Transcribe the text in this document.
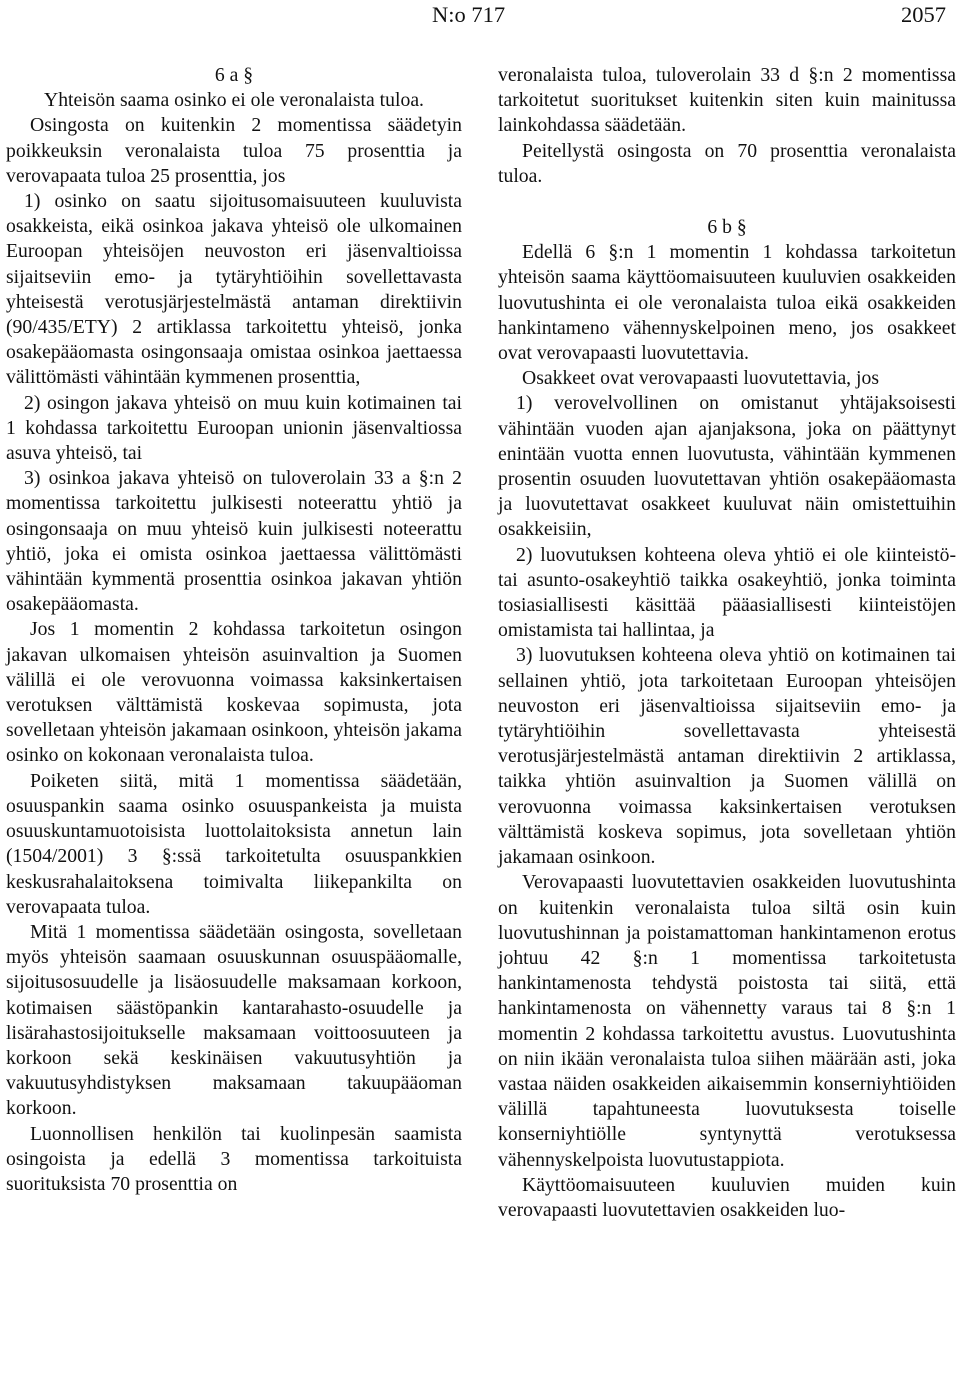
N:o 717	2057

6 a §

Yhteisön saama osinko ei ole veronalaista tuloa.

Osingosta on kuitenkin 2 momentissa säädetyin poikkeuksin veronalaista tuloa 75 prosenttia ja verovapaata tuloa 25 prosenttia, jos

1) osinko on saatu sijoitusomaisuuteen kuuluvista osakkeista, eikä osinkoa jakava yhteisö ole ulkomainen Euroopan yhteisöjen neuvoston eri jäsenvaltioissa sijaitseviin emo- ja tytäryhtiöihin sovellettavasta yhteisestä verotusjärjestelmästä antaman direktiivin (90/435/ETY) 2 artiklassa tarkoitettu yhteisö, jonka osakepääomasta osingonsaaja omistaa osinkoa jaettaessa välittömästi vähintään kymmenen prosenttia,

2) osingon jakava yhteisö on muu kuin kotimainen tai 1 kohdassa tarkoitettu Euroopan unionin jäsenvaltiossa asuva yhteisö, tai

3) osinkoa jakava yhteisö on tuloverolain 33 a §:n 2 momentissa tarkoitettu julkisesti noteerattu yhtiö ja osingonsaaja on muu yhteisö kuin julkisesti noteerattu yhtiö, joka ei omista osinkoa jaettaessa välittömästi vähintään kymmentä prosenttia osinkoa jakavan yhtiön osakepääomasta.

Jos 1 momentin 2 kohdassa tarkoitetun osingon jakavan ulkomaisen yhteisön asuinvaltion ja Suomen välillä ei ole verovuonna voimassa kaksinkertaisen verotuksen välttämistä koskevaa sopimusta, jota sovelletaan yhteisön jakamaan osinkoon, yhteisön jakama osinko on kokonaan veronalaista tuloa.

Poiketen siitä, mitä 1 momentissa säädetään, osuuspankin saama osinko osuuspankeista ja muista osuuskuntamuotoisista luottolaitoksista annetun lain (1504/2001) 3 §:ssä tarkoitetulta osuuspankkien keskusrahalaitoksena toimivalta liikepankilta on verovapaata tuloa.

Mitä 1 momentissa säädetään osingosta, sovelletaan myös yhteisön saamaan osuuskunnan osuuspääomalle, sijoitusosuudelle ja lisäosuudelle maksamaan korkoon, kotimaisen säästöpankin kantarahasto-osuudelle ja lisärahastosijoitukselle maksamaan voittoosuuteen ja korkoon sekä keskinäisen vakuutusyhtiön ja vakuutusyhdistyksen maksamaan takuupääoman korkoon.

Luonnollisen henkilön tai kuolinpesän saamista osingoista ja edellä 3 momentissa tarkoituista suorituksista 70 prosenttia on

veronalaista tuloa, tuloverolain 33 d §:n 2 momentissa tarkoitetut suoritukset kuitenkin siten kuin mainitussa lainkohdassa säädetään.

Peitellystä osingosta on 70 prosenttia veronalaista tuloa.

6 b §

Edellä 6 §:n 1 momentin 1 kohdassa tarkoitetun yhteisön saama käyttöomaisuuteen kuuluvien osakkeiden luovutushinta ei ole veronalaista tuloa eikä osakkeiden hankintameno vähennyskelpoinen meno, jos osakkeet ovat verovapaasti luovutettavia.

Osakkeet ovat verovapaasti luovutettavia, jos

1) verovelvollinen on omistanut yhtäjaksoisesti vähintään vuoden ajan ajanjaksona, joka on päättynyt enintään vuotta ennen luovutusta, vähintään kymmenen prosentin osuuden luovutettavan yhtiön osakepääomasta ja luovutettavat osakkeet kuuluvat näin omistettuihin osakkeisiin,

2) luovutuksen kohteena oleva yhtiö ei ole kiinteistö- tai asunto-osakeyhtiö taikka osakeyhtiö, jonka toiminta tosiasiallisesti käsittää pääasiallisesti kiinteistöjen omistamista tai hallintaa, ja

3) luovutuksen kohteena oleva yhtiö on kotimainen tai sellainen yhtiö, jota tarkoitetaan Euroopan yhteisöjen neuvoston eri jäsenvaltioissa sijaitseviin emo- ja tytäryhtiöihin sovellettavasta yhteisestä verotusjärjestelmästä antaman direktiivin 2 artiklassa, taikka yhtiön asuinvaltion ja Suomen välillä on verovuonna voimassa kaksinkertaisen verotuksen välttämistä koskeva sopimus, jota sovelletaan yhtiön jakamaan osinkoon.

Verovapaasti luovutettavien osakkeiden luovutushinta on kuitenkin veronalaista tuloa siltä osin kuin luovutushinnan ja poistamattoman hankintamenon erotus johtuu 42 §:n 1 momentissa tarkoitetusta hankintamenosta tehdystä poistosta tai siitä, että hankintamenosta on vähennetty varaus tai 8 §:n 1 momentin 2 kohdassa tarkoitettu avustus. Luovutushinta on niin ikään veronalaista tuloa siihen määrään asti, joka vastaa näiden osakkeiden aikaisemmin konserniyhtiöiden välillä tapahtuneesta luovutuksesta toiselle konserniyhtiölle syntynyttä verotuksessa vähennyskelpoista luovutustappiota.

Käyttöomaisuuteen kuuluvien muiden kuin verovapaasti luovutettavien osakkeiden luo-
